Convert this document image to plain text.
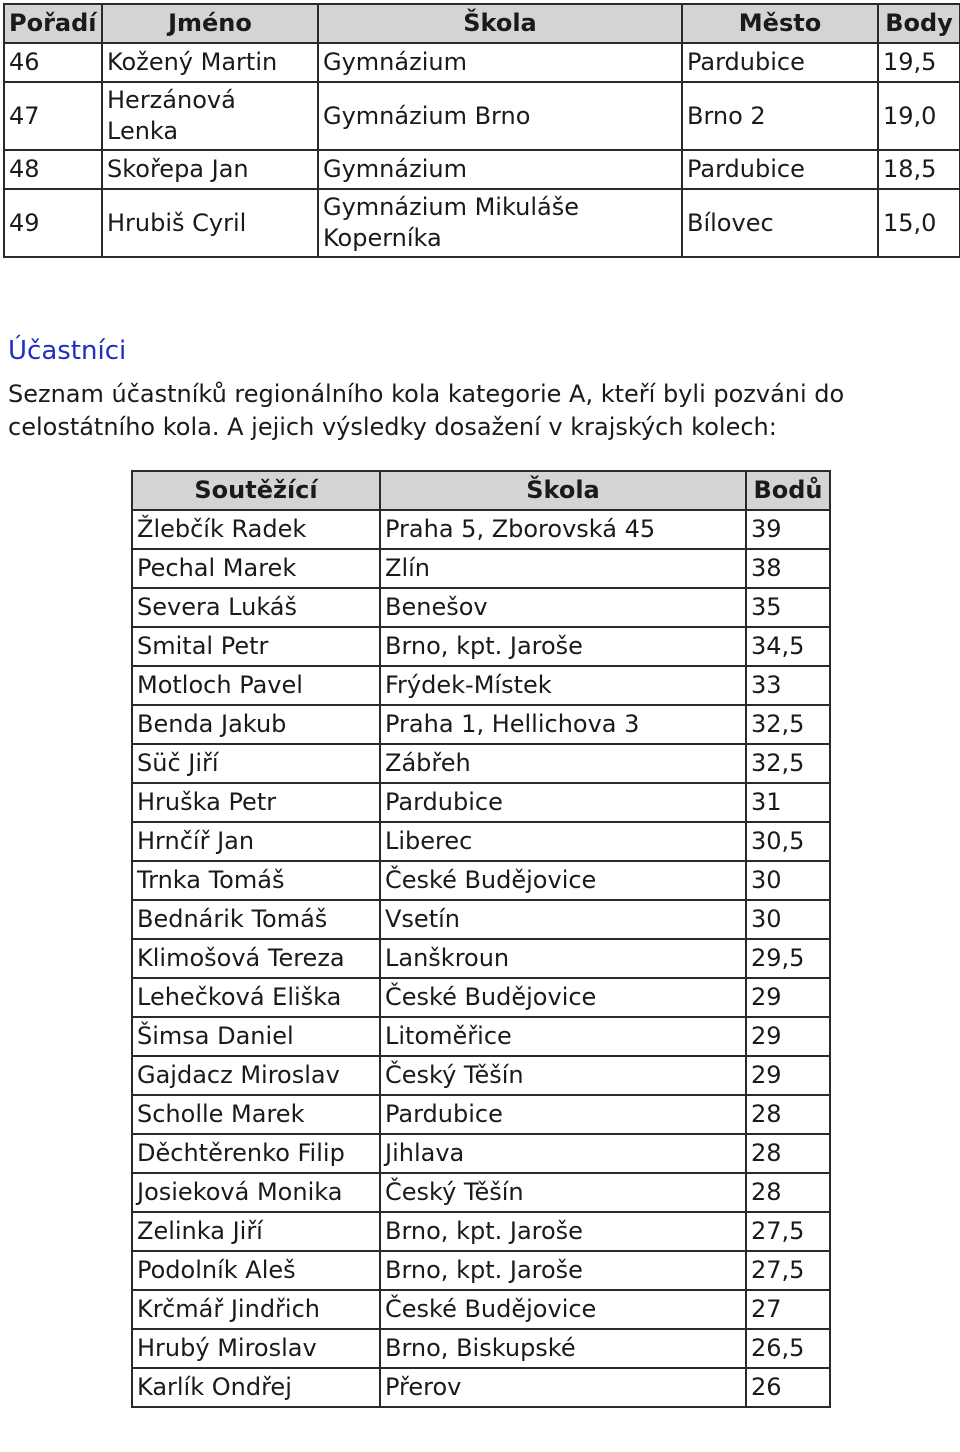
Pořadí	Jméno	Škola	Město	Body
46	Kožený Martin	Gymnázium	Pardubice	19,5
47	Herzánová Lenka	Gymnázium Brno	Brno 2	19,0
48	Skořepa Jan	Gymnázium	Pardubice	18,5
49	Hrubiš Cyril	Gymnázium Mikuláše Koperníka	Bílovec	15,0
Účastníci

Seznam účastníků regionálního kola kategorie A, kteří byli pozváni do celostátního kola. A jejich výsledky dosažení v krajských kolech:

Soutěžící	Škola	Bodů
Žlebčík Radek	Praha 5, Zborovská 45	39
Pechal Marek	Zlín	38
Severa Lukáš	Benešov	35
Smital Petr	Brno, kpt. Jaroše	34,5
Motloch Pavel	Frýdek-Místek	33
Benda Jakub	Praha 1, Hellichova 3	32,5
Süč Jiří	Zábřeh	32,5
Hruška Petr	Pardubice	31
Hrnčíř Jan	Liberec	30,5
Trnka Tomáš	České Budějovice	30
Bednárik Tomáš	Vsetín	30
Klimošová Tereza	Lanškroun	29,5
Lehečková Eliška	České Budějovice	29
Šimsa Daniel	Litoměřice	29
Gajdacz Miroslav	Český Těšín	29
Scholle Marek	Pardubice	28
Děchtěrenko Filip	Jihlava	28
Josieková Monika	Český Těšín	28
Zelinka Jiří	Brno, kpt. Jaroše	27,5
Podolník Aleš	Brno, kpt. Jaroše	27,5
Krčmář Jindřich	České Budějovice	27
Hrubý Miroslav	Brno, Biskupské	26,5
Karlík Ondřej	Přerov	26
